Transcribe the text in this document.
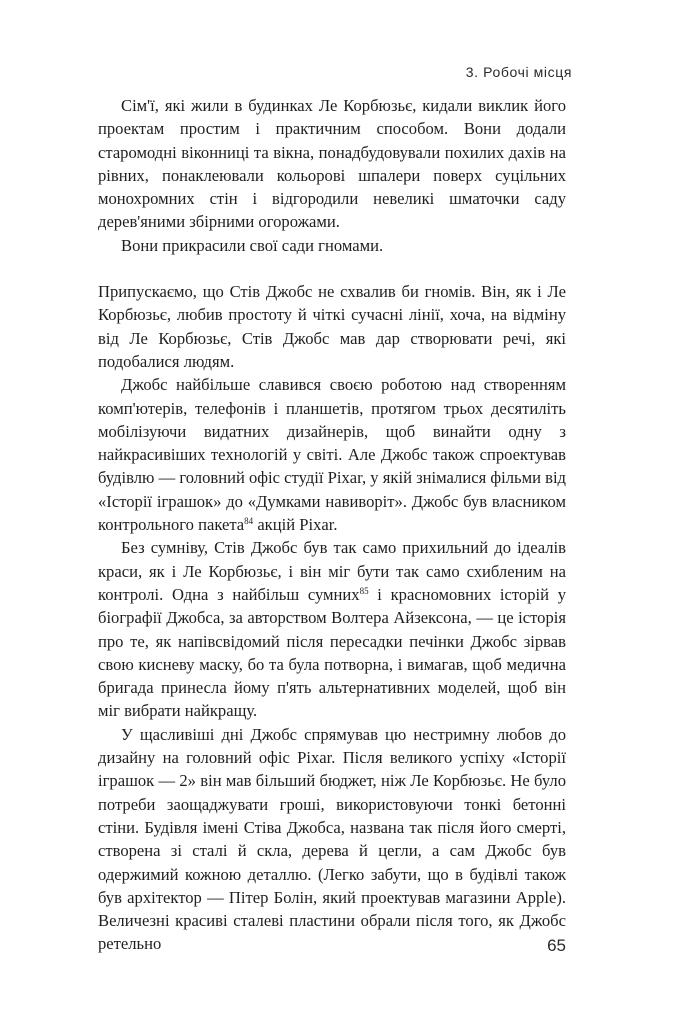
3. Робочі місця

Сім'ї, які жили в будинках Ле Корбюзьє, кидали виклик його проектам простим і практичним способом. Вони додали старомодні віконниці та вікна, понадбудовували похилих дахів на рівних, понаклеювали кольорові шпалери поверх суцільних монохромних стін і відгородили невеликі шматочки саду дерев'яними збірними огорожами.

Вони прикрасили свої сади гномами.

Припускаємо, що Стів Джобс не схвалив би гномів. Він, як і Ле Корбюзьє, любив простоту й чіткі сучасні лінії, хоча, на відміну від Ле Корбюзьє, Стів Джобс мав дар створювати речі, які подобалися людям.

Джобс найбільше славився своєю роботою над створенням комп'ютерів, телефонів і планшетів, протягом трьох десятиліть мобілізуючи видатних дизайнерів, щоб винайти одну з найкрасивіших технологій у світі. Але Джобс також спроектував будівлю — головний офіс студії Pixar, у якій знімалися фільми від «Історії іграшок» до «Думками навиворіт». Джобс був власником контрольного пакета$^{84}$ акцій Pixar.

Без сумніву, Стів Джобс був так само прихильний до ідеалів краси, як і Ле Корбюзьє, і він міг бути так само схибленим на контролі. Одна з найбільш сумних$^{85}$ і красномовних історій у біографії Джобса, за авторством Волтера Айзексона, — це історія про те, як напівсвідомий після пересадки печінки Джобс зірвав свою кисневу маску, бо та була потворна, і вимагав, щоб медична бригада принесла йому п'ять альтернативних моделей, щоб він міг вибрати найкращу.

У щасливіші дні Джобс спрямував цю нестримну любов до дизайну на головний офіс Pixar. Після великого успіху «Історії іграшок — 2» він мав більший бюджет, ніж Ле Корбюзьє. Не було потреби заощаджувати гроші, використовуючи тонкі бетонні стіни. Будівля імені Стіва Джобса, названа так після його смерті, створена зі сталі й скла, дерева й цегли, а сам Джобс був одержимий кожною деталлю. (Легко забути, що в будівлі також був архітектор — Пітер Болін, який проектував магазини Apple). Величезні красиві сталеві пластини обрали після того, як Джобс ретельно	65
